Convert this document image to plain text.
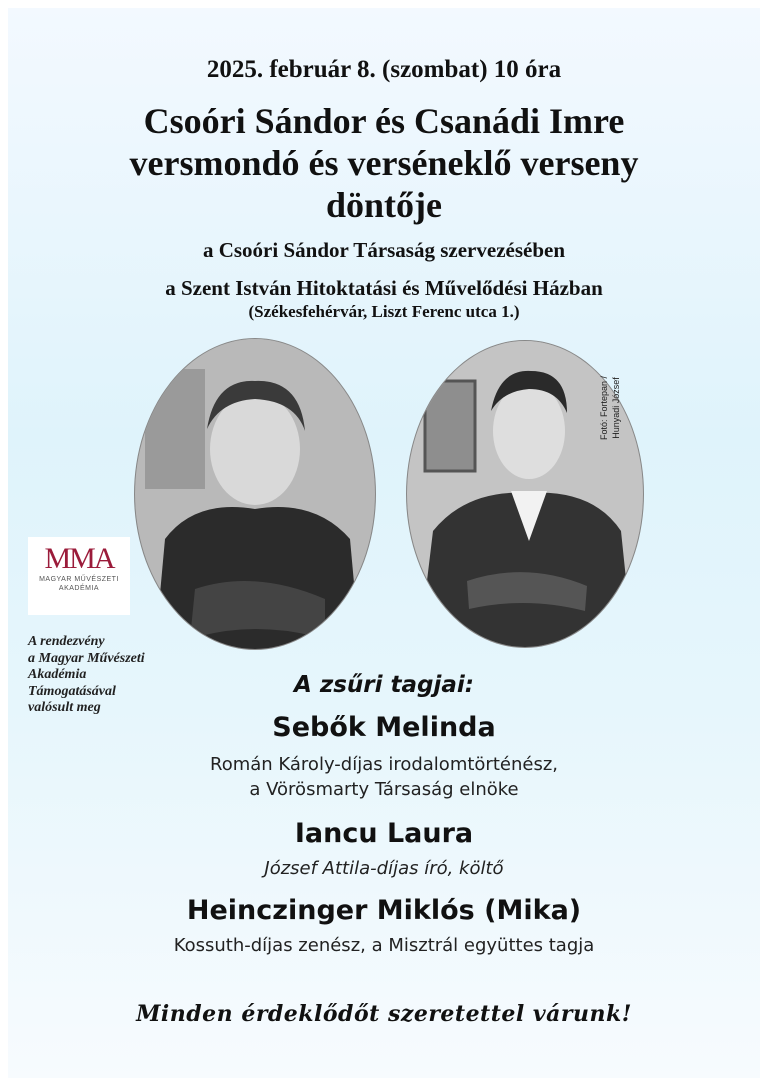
2025. február 8. (szombat) 10 óra
Csoóri Sándor és Csanádi Imre
versmondó és verséneklő verseny
döntője
a Csoóri Sándor Társaság szervezésében
a Szent István Hitoktatási és Művelődési Házban
(Székesfehérvár, Liszt Ferenc utca 1.)
Fotó: Fortepan / Hunyadi József
MMA
MAGYAR MŰVÉSZETI
AKADÉMIA
A rendezvény
a Magyar Művészeti
Akadémia
Támogatásával
valósult meg
A zsűri tagjai:
Sebők Melinda
Román Károly-díjas irodalomtörténész,
a Vörösmarty Társaság elnöke
Iancu Laura
József Attila-díjas író, költő
Heinczinger Miklós (Mika)
Kossuth-díjas zenész, a Misztrál együttes tagja
Minden érdeklődőt szeretettel várunk!
